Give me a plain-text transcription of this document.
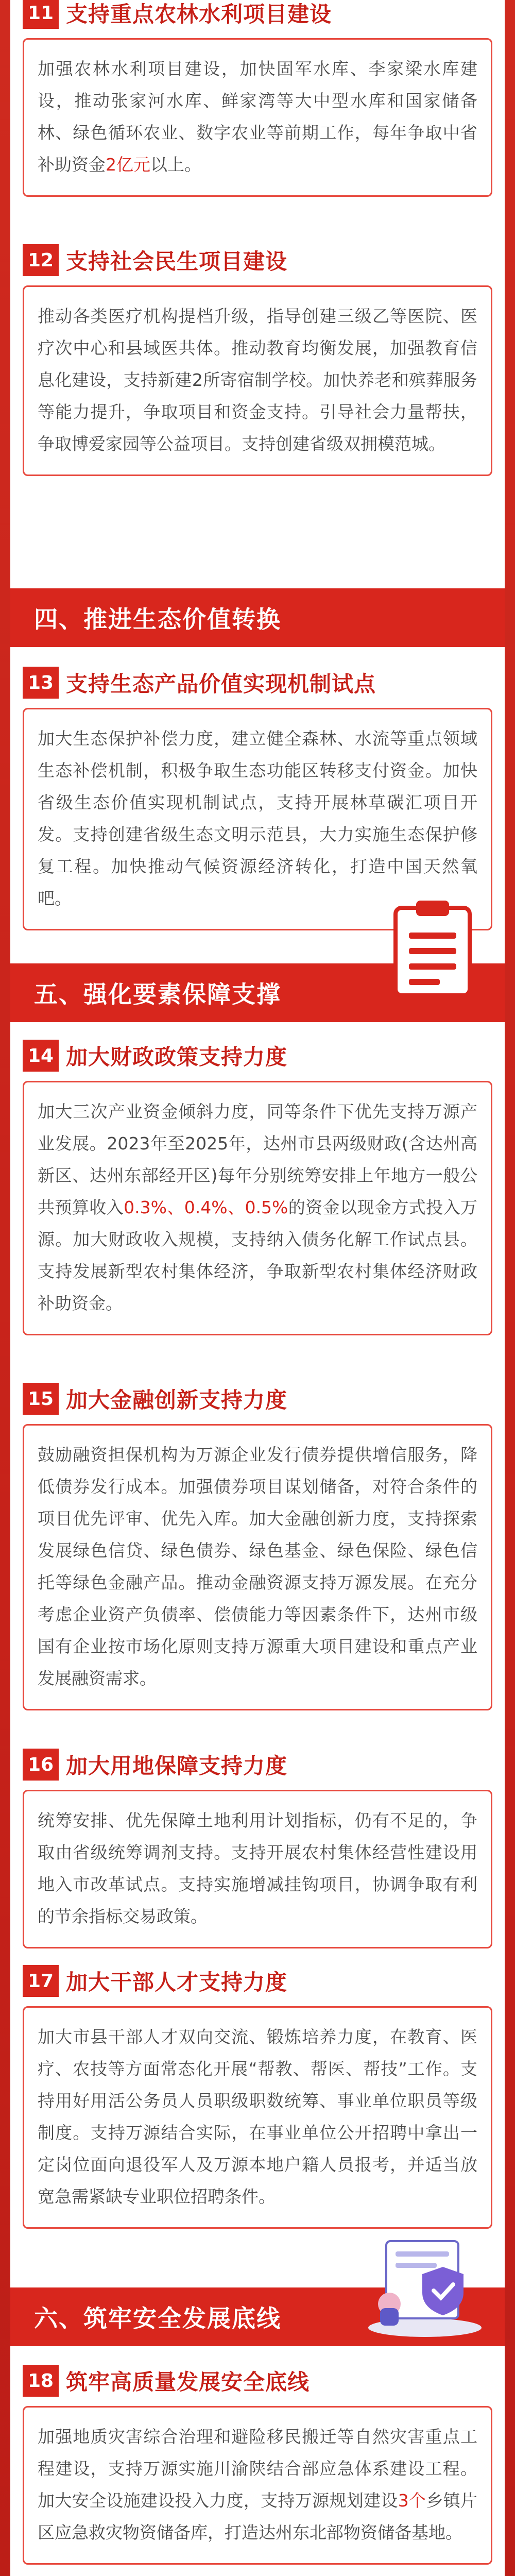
11 支持重点农林水利项目建设
加强农林水利项目建设，加快固军水库、李家梁水库建设，推动张家河水库、鲜家湾等大中型水库和国家储备林、绿色循环农业、数字农业等前期工作，每年争取中省补助资金2亿元以上。
12 支持社会民生项目建设
推动各类医疗机构提档升级，指导创建三级乙等医院、医疗次中心和县域医共体。推动教育均衡发展，加强教育信息化建设，支持新建2所寄宿制学校。加快养老和殡葬服务等能力提升，争取项目和资金支持。引导社会力量帮扶，争取博爱家园等公益项目。支持创建省级双拥模范城。
四、推进生态价值转换
13 支持生态产品价值实现机制试点
加大生态保护补偿力度，建立健全森林、水流等重点领域生态补偿机制，积极争取生态功能区转移支付资金。加快省级生态价值实现机制试点，支持开展林草碳汇项目开发。支持创建省级生态文明示范县，大力实施生态保护修复工程。加快推动气候资源经济转化，打造中国天然氧吧。
五、强化要素保障支撑
14 加大财政政策支持力度
加大三次产业资金倾斜力度，同等条件下优先支持万源产业发展。2023年至2025年，达州市县两级财政(含达州高新区、达州东部经开区)每年分别统筹安排上年地方一般公共预算收入0.3%、0.4%、0.5%的资金以现金方式投入万源。加大财政收入规模，支持纳入债务化解工作试点县。支持发展新型农村集体经济，争取新型农村集体经济财政补助资金。
15 加大金融创新支持力度
鼓励融资担保机构为万源企业发行债券提供增信服务，降低债券发行成本。加强债券项目谋划储备，对符合条件的项目优先评审、优先入库。加大金融创新力度，支持探索发展绿色信贷、绿色债券、绿色基金、绿色保险、绿色信托等绿色金融产品。推动金融资源支持万源发展。在充分考虑企业资产负债率、偿债能力等因素条件下，达州市级国有企业按市场化原则支持万源重大项目建设和重点产业发展融资需求。
16 加大用地保障支持力度
统筹安排、优先保障土地利用计划指标，仍有不足的，争取由省级统筹调剂支持。支持开展农村集体经营性建设用地入市改革试点。支持实施增减挂钩项目，协调争取有利的节余指标交易政策。
17 加大干部人才支持力度
加大市县干部人才双向交流、锻炼培养力度，在教育、医疗、农技等方面常态化开展“帮教、帮医、帮技”工作。支持用好用活公务员人员职级职数统筹、事业单位职员等级制度。支持万源结合实际，在事业单位公开招聘中拿出一定岗位面向退役军人及万源本地户籍人员报考，并适当放宽急需紧缺专业职位招聘条件。
六、筑牢安全发展底线
18 筑牢高质量发展安全底线
加强地质灾害综合治理和避险移民搬迁等自然灾害重点工程建设，支持万源实施川渝陕结合部应急体系建设工程。加大安全设施建设投入力度，支持万源规划建设3个乡镇片区应急救灾物资储备库，打造达州东北部物资储备基地。
